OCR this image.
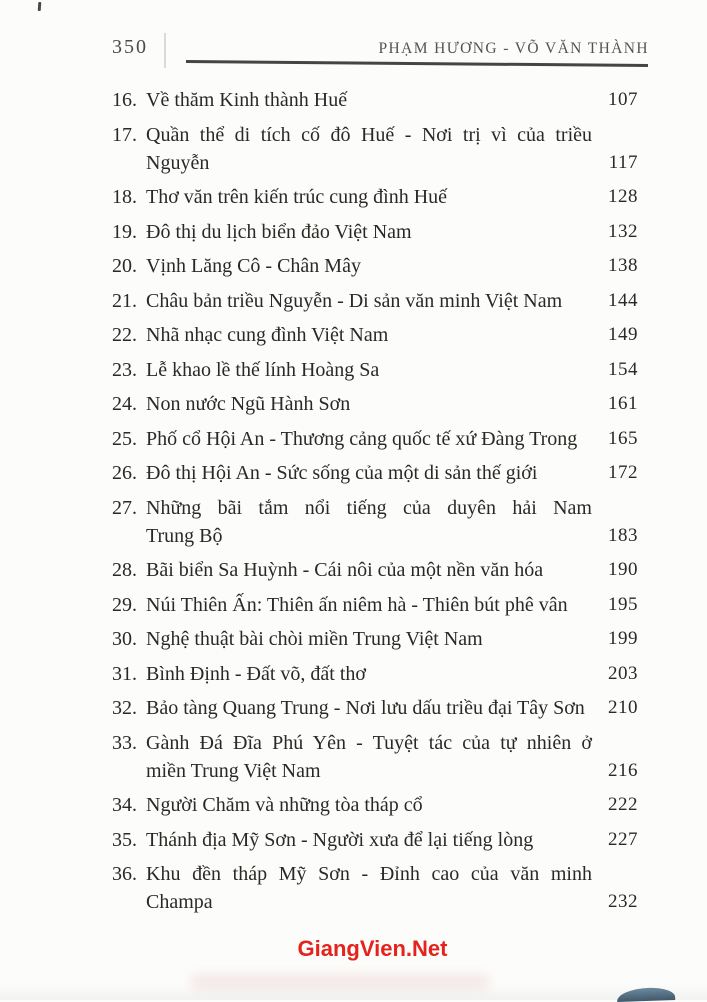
350	PHẠM HƯƠNG - VÕ VĂN THÀNH
16. Về thăm Kinh thành Huế	107
17. Quần thể di tích cố đô Huế - Nơi trị vì của triều
Nguyễn	117
18. Thơ văn trên kiến trúc cung đình Huế	128
19. Đô thị du lịch biển đảo Việt Nam	132
20. Vịnh Lăng Cô - Chân Mây	138
21. Châu bản triều Nguyễn - Di sản văn minh Việt Nam	144
22. Nhã nhạc cung đình Việt Nam	149
23. Lễ khao lề thế lính Hoàng Sa	154
24. Non nước Ngũ Hành Sơn	161
25. Phố cổ Hội An - Thương cảng quốc tế xứ Đàng Trong	165
26. Đô thị Hội An - Sức sống của một di sản thế giới	172
27. Những bãi tắm nổi tiếng của duyên hải Nam
Trung Bộ	183
28. Bãi biển Sa Huỳnh - Cái nôi của một nền văn hóa	190
29. Núi Thiên Ấn: Thiên ấn niêm hà - Thiên bút phê vân	195
30. Nghệ thuật bài chòi miền Trung Việt Nam	199
31. Bình Định - Đất võ, đất thơ	203
32. Bảo tàng Quang Trung - Nơi lưu dấu triều đại Tây Sơn	210
33. Gành Đá Đĩa Phú Yên - Tuyệt tác của tự nhiên ở
miền Trung Việt Nam	216
34. Người Chăm và những tòa tháp cổ	222
35. Thánh địa Mỹ Sơn - Người xưa để lại tiếng lòng	227
36. Khu đền tháp Mỹ Sơn - Đỉnh cao của văn minh
Champa	232
GiangVien.Net
